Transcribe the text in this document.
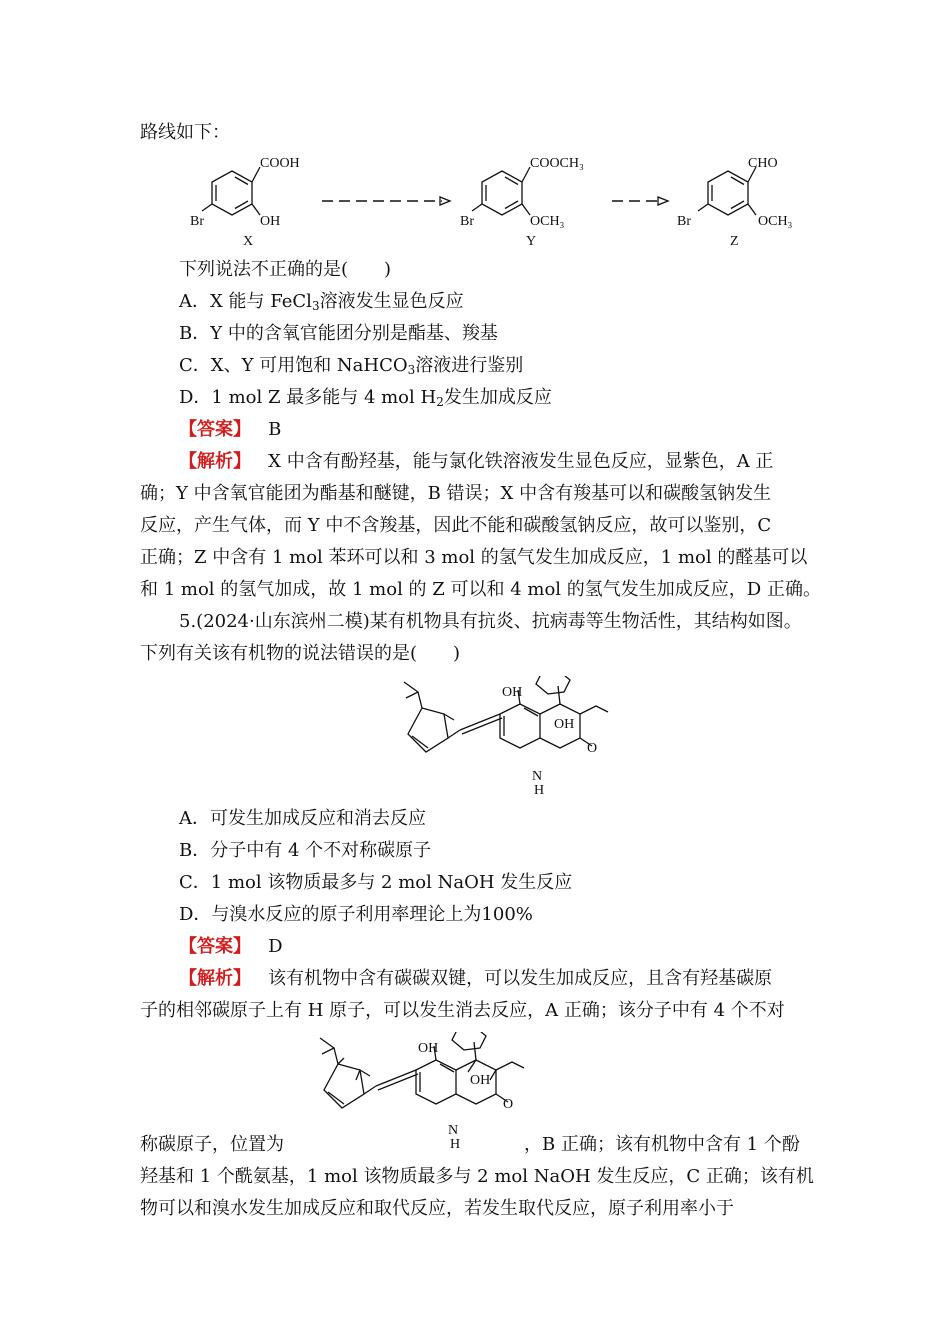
路线如下：
COOH
Br	OH
X
COOCH₃
Br	OCH₃
Y
CHO
Br	OCH₃
Z
下列说法不正确的是(　　)
A．X 能与 FeCl$_3$溶液发生显色反应
B．Y 中的含氧官能团分别是酯基、羧基
C．X、Y 可用饱和 NaHCO$_3$溶液进行鉴别
D．1 mol Z 最多能与 4 mol $H_2$发生加成反应
【答案】 B
【解析】 X 中含有酚羟基，能与氯化铁溶液发生显色反应，显紫色，A 正
确；Y 中含氧官能团为酯基和醚键，B 错误；X 中含有羧基可以和碳酸氢钠发生
反应，产生气体，而 Y 中不含羧基，因此不能和碳酸氢钠反应，故可以鉴别，C
正确；Z 中含有 1 mol 苯环可以和 3 mol 的氢气发生加成反应，1 mol 的醛基可以
和 1 mol 的氢气加成，故 1 mol 的 Z 可以和 4 mol 的氢气发生加成反应，D 正确。
5.(2024·山东滨州二模)某有机物具有抗炎、抗病毒等生物活性，其结构如图。
下列有关该有机物的说法错误的是(　　)
OH
OH
O
N
H
A．可发生加成反应和消去反应
B．分子中有 4 个不对称碳原子
C．1 mol 该物质最多与 2 mol NaOH 发生反应
D．与溴水反应的原子利用率理论上为100%
【答案】 D
【解析】 该有机物中含有碳碳双键，可以发生加成反应，且含有羟基碳原
子的相邻碳原子上有 H 原子，可以发生消去反应，A 正确；该分子中有 4 个不对
OH
OH
O
N
H
称碳原子，位置为	，B 正确；该有机物中含有 1 个酚
羟基和 1 个酰氨基，1 mol 该物质最多与 2 mol NaOH 发生反应，C 正确；该有机
物可以和溴水发生加成反应和取代反应，若发生取代反应，原子利用率小于
